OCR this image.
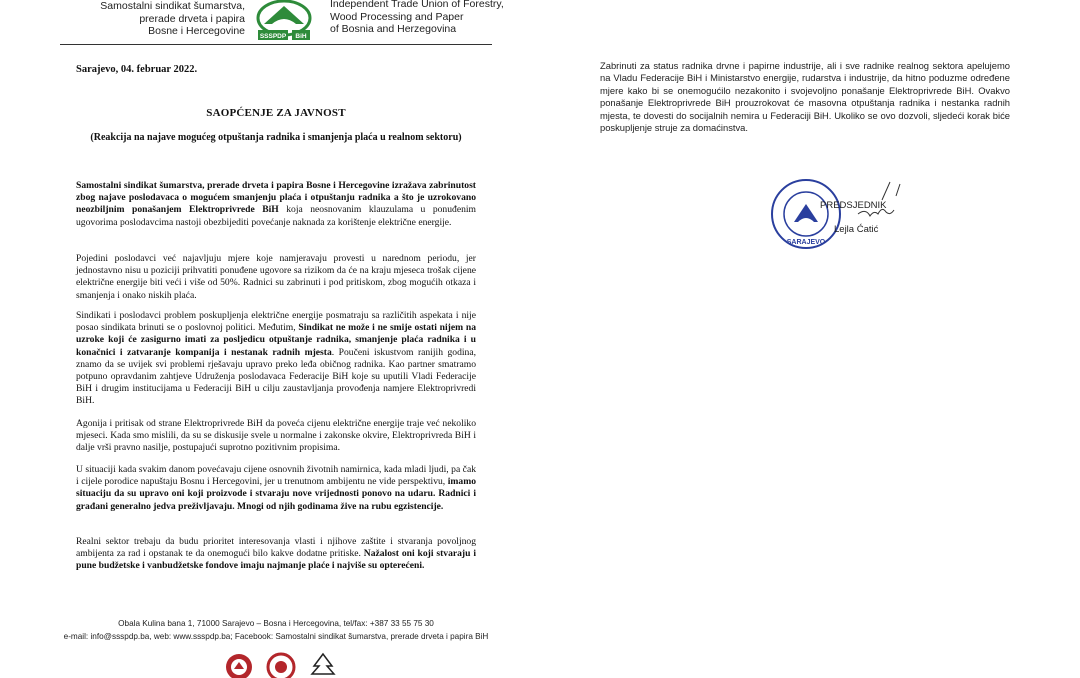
Samostalni sindikat šumarstva,
prerade drveta i papira
Bosne i Hercegovine SSSPDP BiH
Independent Trade Union of Forestry,
Wood Processing and Paper
of Bosnia and Herzegovina
Sarajevo, 04. februar 2022.
SAOPĆENJE ZA JAVNOST
(Reakcija na najave mogućeg otpuštanja radnika i smanjenja plaća u realnom sektoru)
Samostalni sindikat šumarstva, prerade drveta i papira Bosne i Hercegovine izražava zabrinutost zbog najave poslodavaca o mogućem smanjenju plaća i otpuštanju radnika a što je uzrokovano neozbiljnim ponašanjem Elektroprivrede BiH koja neosnovanim klauzulama u ponuđenim ugovorima poslodavcima nastoji obezbijediti povećanje naknada za korištenje električne energije.
Pojedini poslodavci već najavljuju mjere koje namjeravaju provesti u narednom periodu, jer jednostavno nisu u poziciji prihvatiti ponuđene ugovore sa rizikom da će na kraju mjeseca trošak cijene električne energije biti veći i više od 50%. Radnici su zabrinuti i pod pritiskom, zbog mogućih otkaza i smanjenja i onako niskih plaća.
Sindikati i poslodavci problem poskupljenja električne energije posmatraju sa različitih aspekata i nije posao sindikata brinuti se o poslovnoj politici. Međutim, Sindikat ne može i ne smije ostati nijem na uzroke koji će zasigurno imati za posljedicu otpuštanje radnika, smanjenje plaća radnika i u konačnici i zatvaranje kompanija i nestanak radnih mjesta. Poučeni iskustvom ranijih godina, znamo da se uvijek svi problemi rješavaju upravo preko leđa običnog radnika. Kao partner smatramo potpuno opravdanim zahtjeve Udruženja poslodavaca Federacije BiH koje su uputili Vladi Federacije BiH i drugim institucijama u Federaciji BiH u cilju zaustavljanja provođenja namjere Elektroprivredi BiH.
Agonija i pritisak od strane Elektroprivrede BiH da poveća cijenu električne energije traje već nekoliko mjeseci. Kada smo mislili, da su se diskusije svele u normalne i zakonske okvire, Elektroprivreda BiH i dalje vrši pravno nasilje, postupajući suprotno pozitivnim propisima.
U situaciji kada svakim danom povećavaju cijene osnovnih životnih namirnica, kada mladi ljudi, pa čak i cijele porodice napuštaju Bosnu i Hercegovini, jer u trenutnom ambijentu ne vide perspektivu, imamo situaciju da su upravo oni koji proizvode i stvaraju nove vrijednosti ponovo na udaru. Radnici i građani generalno jedva preživljavaju. Mnogi od njih godinama žive na rubu egzistencije.
Realni sektor trebaju da budu prioritet interesovanja vlasti i njihove zaštite i stvaranja povoljnog ambijenta za rad i opstanak te da onemogući bilo kakve dodatne pritiske. Nažalost oni koji stvaraju i pune budžetske i vanbudžetske fondove imaju najmanje plaće i najviše su opterećeni.
Zabrinuti za status radnika drvne i papirne industrije, ali i sve radnike realnog sektora apelujemo na Vladu Federacije BiH i Ministarstvo energije, rudarstva i industrije, da hitno poduzme određene mjere kako bi se onemogućilo nezakonito i svojevoljno ponašanje Elektroprivrede BiH. Ovakvo ponašanje Elektroprivrede BiH prouzrokovat će masovna otpuštanja radnika i nestanka radnih mjesta, te dovesti do socijalnih nemira u Federaciji BiH. Ukoliko se ovo dozvoli, sljedeći korak biće poskupljenje struje za domaćinstva.
SARAJEVO
PREDSJEDNIK
Lejla Ćatić
Obala Kulina bana 1, 71000 Sarajevo – Bosna i Hercegovina, tel/fax: +387 33 55 75 30
e-mail: info@ssspdp.ba, web: www.ssspdp.ba; Facebook: Samostalni sindikat šumarstva, prerade drveta i papira BiH
